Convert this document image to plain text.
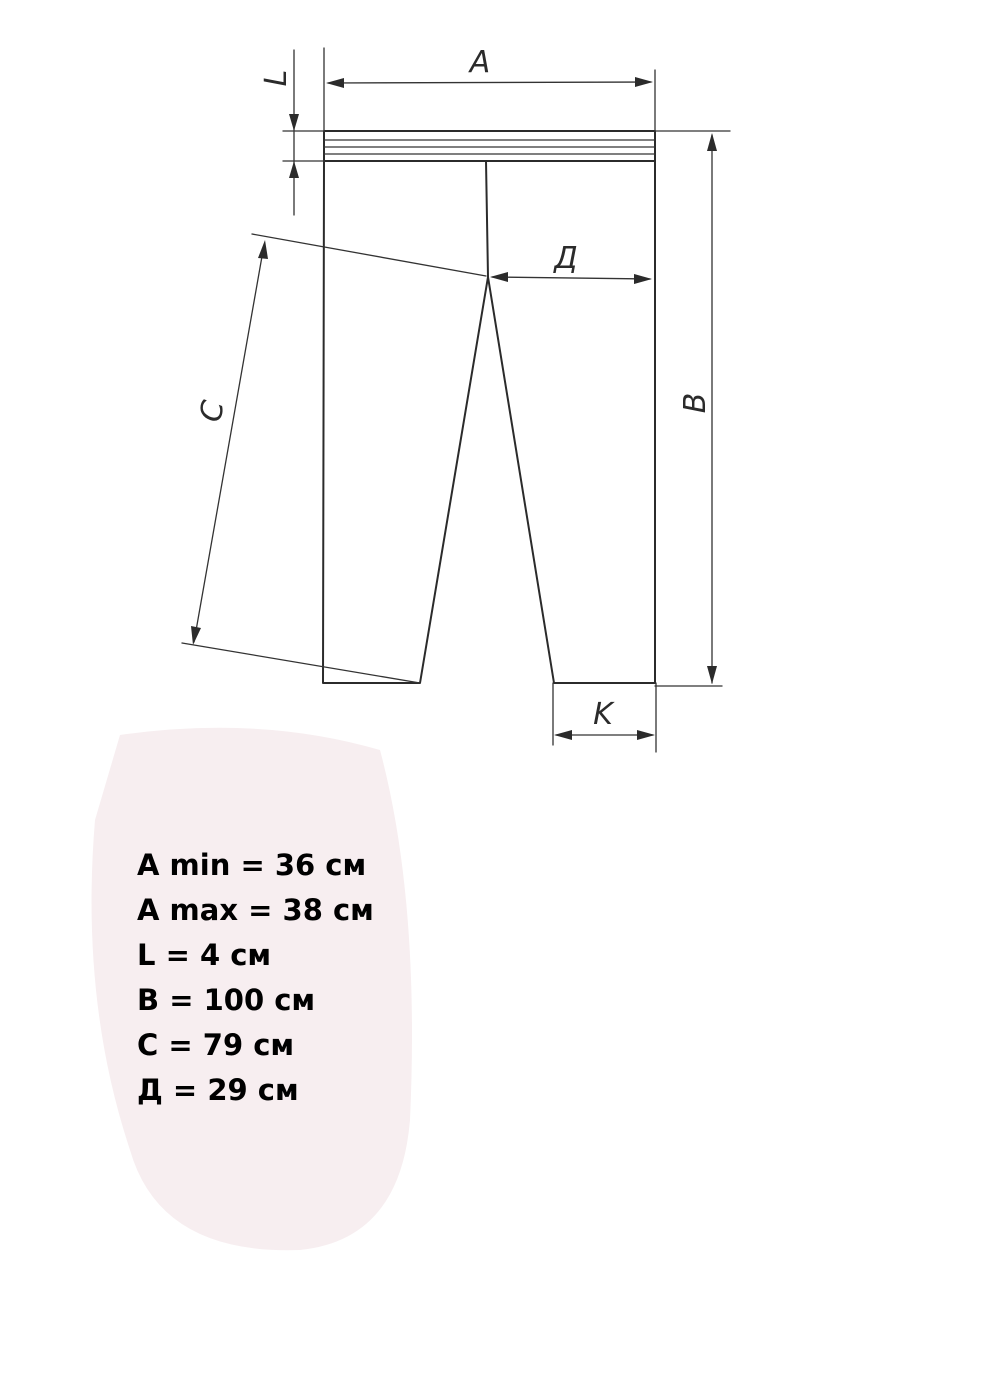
A
L
B
C
Д
K
A min = 36 см
A max = 38 см
L = 4 см
B = 100 см
C = 79 см
Д = 29 см
